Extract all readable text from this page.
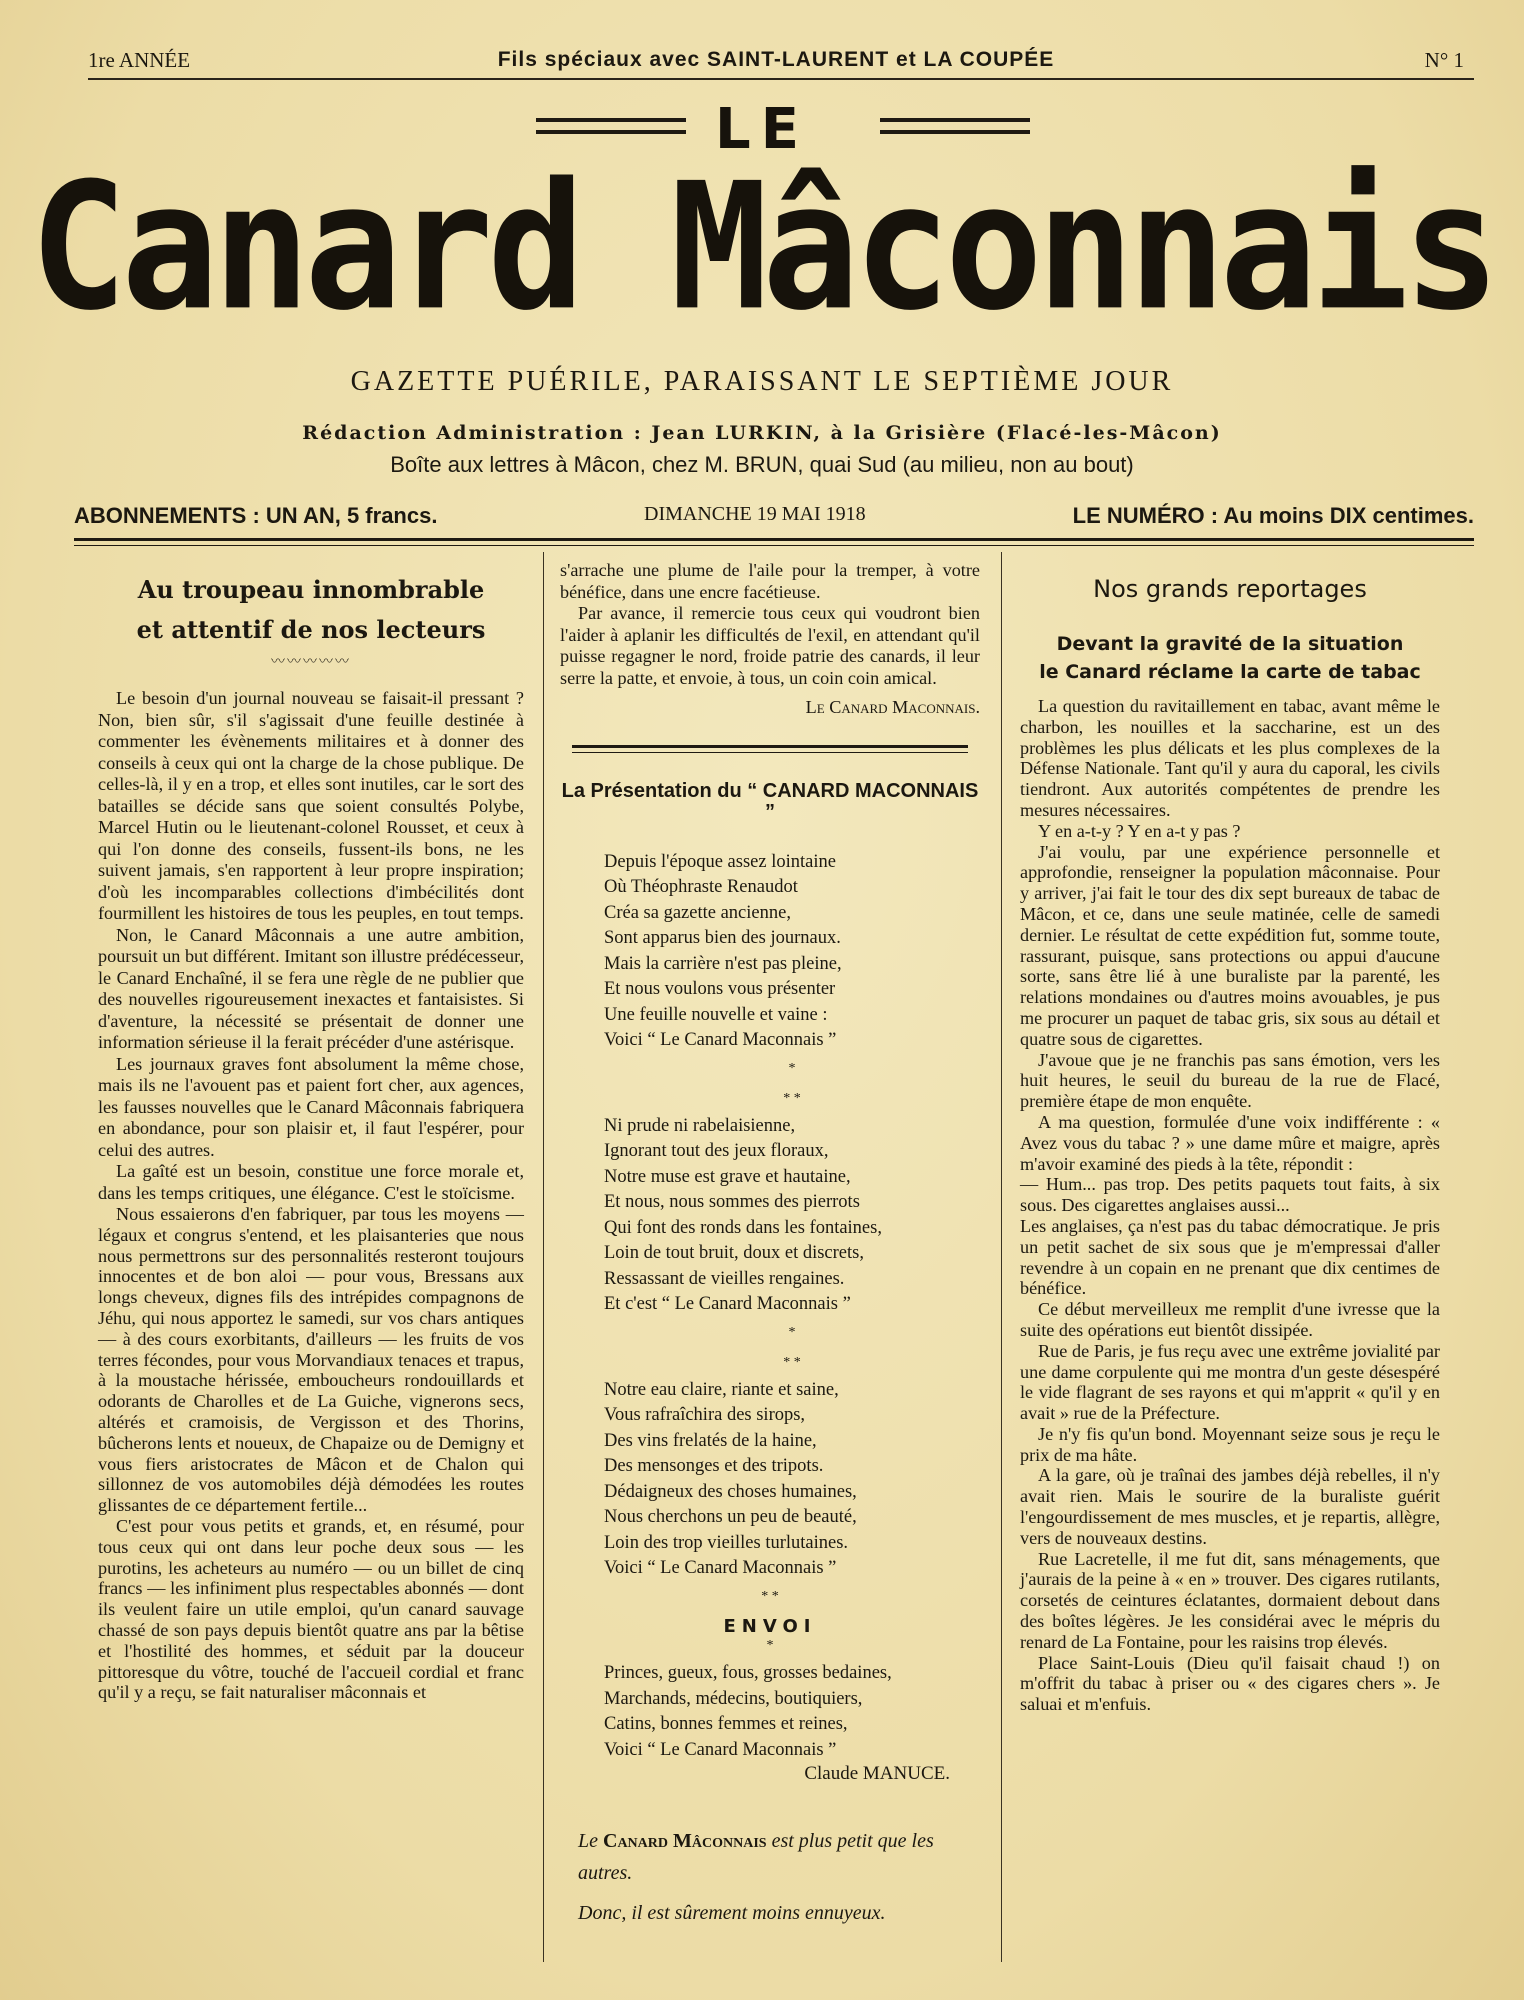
1re ANNÉE	Fils spéciaux avec SAINT-LAURENT et LA COUPÉE	N° 1
LE
Canard Mâconnais
GAZETTE PUÉRILE, PARAISSANT LE SEPTIÈME JOUR
Rédaction Administration : Jean LURKIN, à la Grisière (Flacé-les-Mâcon)
Boîte aux lettres à Mâcon, chez M. BRUN, quai Sud (au milieu, non au bout)
ABONNEMENTS : UN AN, 5 francs.	DIMANCHE 19 MAI 1918	LE NUMÉRO : Au moins DIX centimes.
Au troupeau innombrable
et attentif de nos lecteurs
〰〰〰〰〰

Le besoin d'un journal nouveau se faisait-il pressant ? Non, bien sûr, s'il s'agissait d'une feuille destinée à commenter les évènements militaires et à donner des conseils à ceux qui ont la charge de la chose publique. De celles-là, il y en a trop, et elles sont inutiles, car le sort des batailles se décide sans que soient consultés Polybe, Marcel Hutin ou le lieutenant-colonel Rousset, et ceux à qui l'on donne des conseils, fussent-ils bons, ne les suivent jamais, s'en rapportent à leur propre inspiration; d'où les incomparables collections d'imbécilités dont fourmillent les histoires de tous les peuples, en tout temps.

Non, le Canard Mâconnais a une autre ambition, poursuit un but différent. Imitant son illustre prédécesseur, le Canard Enchaîné, il se fera une règle de ne publier que des nouvelles rigoureusement inexactes et fantaisistes. Si d'aventure, la nécessité se présentait de donner une information sérieuse il la ferait précéder d'une astérisque.

Les journaux graves font absolument la même chose, mais ils ne l'avouent pas et paient fort cher, aux agences, les fausses nouvelles que le Canard Mâconnais fabriquera en abondance, pour son plaisir et, il faut l'espérer, pour celui des autres.

La gaîté est un besoin, constitue une force morale et, dans les temps critiques, une élégance. C'est le stoïcisme.

Nous essaierons d'en fabriquer, par tous les moyens — légaux et congrus s'entend, et les plaisanteries que nous nous permettrons sur des personnalités resteront toujours innocentes et de bon aloi — pour vous, Bressans aux longs cheveux, dignes fils des intrépides compagnons de Jéhu, qui nous apportez le samedi, sur vos chars antiques — à des cours exorbitants, d'ailleurs — les fruits de vos terres fécondes, pour vous Morvandiaux tenaces et trapus, à la moustache hérissée, emboucheurs rondouillards et odorants de Charolles et de La Guiche, vignerons secs, altérés et cramoisis, de Vergisson et des Thorins, bûcherons lents et noueux, de Chapaize ou de Demigny et vous fiers aristocrates de Mâcon et de Chalon qui sillonnez de vos automobiles déjà démodées les routes glissantes de ce département fertile...

C'est pour vous petits et grands, et, en résumé, pour tous ceux qui ont dans leur poche deux sous — les purotins, les acheteurs au numéro — ou un billet de cinq francs — les infiniment plus respectables abonnés — dont ils veulent faire un utile emploi, qu'un canard sauvage chassé de son pays depuis bientôt quatre ans par la bêtise et l'hostilité des hommes, et séduit par la douceur pittoresque du vôtre, touché de l'accueil cordial et franc qu'il y a reçu, se fait naturaliser mâconnais et

s'arrache une plume de l'aile pour la tremper, à votre bénéfice, dans une encre facétieuse.

Par avance, il remercie tous ceux qui voudront bien l'aider à aplanir les difficultés de l'exil, en attendant qu'il puisse regagner le nord, froide patrie des canards, il leur serre la patte, et envoie, à tous, un coin coin amical.

Le Canard Maconnais.
La Présentation du “ CANARD MACONNAIS ”
Depuis l'époque assez lointaine
Où Théophraste Renaudot
Créa sa gazette ancienne,
Sont apparus bien des journaux.
Mais la carrière n'est pas pleine,
Et nous voulons vous présenter
Une feuille nouvelle et vaine :
Voici “ Le Canard Maconnais ”
*
* *
Ni prude ni rabelaisienne,
Ignorant tout des jeux floraux,
Notre muse est grave et hautaine,
Et nous, nous sommes des pierrots
Qui font des ronds dans les fontaines,
Loin de tout bruit, doux et discrets,
Ressassant de vieilles rengaines.
Et c'est “ Le Canard Maconnais ”
*
* *
Notre eau claire, riante et saine,
Vous rafraîchira des sirops,
Des vins frelatés de la haine,
Des mensonges et des tripots.
Dédaigneux des choses humaines,
Nous cherchons un peu de beauté,
Loin des trop vieilles turlutaines.
Voici “ Le Canard Maconnais ”
* *
ENVOI
*
Princes, gueux, fous, grosses bedaines,
Marchands, médecins, boutiquiers,
Catins, bonnes femmes et reines,
Voici “ Le Canard Maconnais ”
Claude MANUCE.
Le Canard Mâconnais est plus petit que les autres.
Donc, il est sûrement moins ennuyeux.
Nos grands reportages
Devant la gravité de la situation
le Canard réclame la carte de tabac

La question du ravitaillement en tabac, avant même le charbon, les nouilles et la saccharine, est un des problèmes les plus délicats et les plus complexes de la Défense Nationale. Tant qu'il y aura du caporal, les civils tiendront. Aux autorités compétentes de prendre les mesures nécessaires.

Y en a-t-y ? Y en a-t y pas ?

J'ai voulu, par une expérience personnelle et approfondie, renseigner la population mâconnaise. Pour y arriver, j'ai fait le tour des dix sept bureaux de tabac de Mâcon, et ce, dans une seule matinée, celle de samedi dernier. Le résultat de cette expédition fut, somme toute, rassurant, puisque, sans protections ou appui d'aucune sorte, sans être lié à une buraliste par la parenté, les relations mondaines ou d'autres moins avouables, je pus me procurer un paquet de tabac gris, six sous au détail et quatre sous de cigarettes.

J'avoue que je ne franchis pas sans émotion, vers les huit heures, le seuil du bureau de la rue de Flacé, première étape de mon enquête.

A ma question, formulée d'une voix indifférente : « Avez vous du tabac ? » une dame mûre et maigre, après m'avoir examiné des pieds à la tête, répondit :

— Hum... pas trop. Des petits paquets tout faits, à six sous. Des cigarettes anglaises aussi...

Les anglaises, ça n'est pas du tabac démocratique. Je pris un petit sachet de six sous que je m'empressai d'aller revendre à un copain en ne prenant que dix centimes de bénéfice.

Ce début merveilleux me remplit d'une ivresse que la suite des opérations eut bientôt dissipée.

Rue de Paris, je fus reçu avec une extrême jovialité par une dame corpulente qui me montra d'un geste désespéré le vide flagrant de ses rayons et qui m'apprit « qu'il y en avait » rue de la Préfecture.

Je n'y fis qu'un bond. Moyennant seize sous je reçu le prix de ma hâte.

A la gare, où je traînai des jambes déjà rebelles, il n'y avait rien. Mais le sourire de la buraliste guérit l'engourdissement de mes muscles, et je repartis, allègre, vers de nouveaux destins.

Rue Lacretelle, il me fut dit, sans ménagements, que j'aurais de la peine à « en » trouver. Des cigares rutilants, corsetés de ceintures éclatantes, dormaient debout dans des boîtes légères. Je les considérai avec le mépris du renard de La Fontaine, pour les raisins trop élevés.

Place Saint-Louis (Dieu qu'il faisait chaud !) on m'offrit du tabac à priser ou « des cigares chers ». Je saluai et m'enfuis.
